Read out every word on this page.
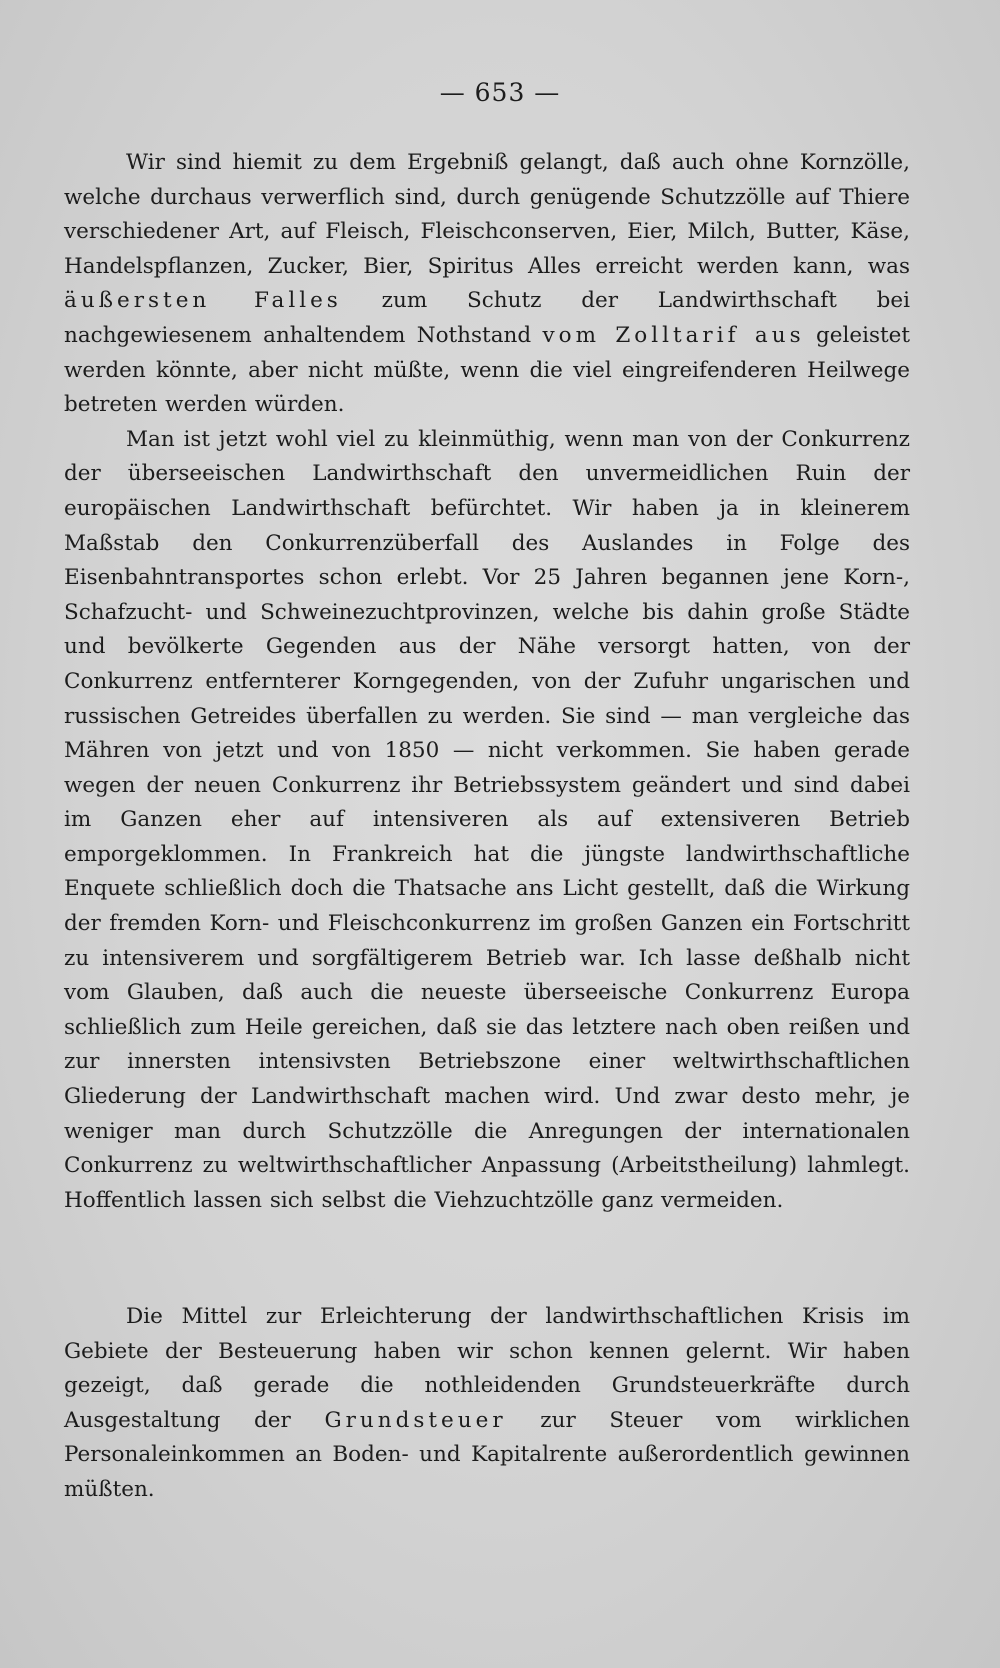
— 653 —

Wir sind hiemit zu dem Ergebniß gelangt, daß auch ohne Kornzölle, welche durchaus verwerflich sind, durch genügende Schutzzölle auf Thiere verschiedener Art, auf Fleisch, Fleischconserven, Eier, Milch, Butter, Käse, Handelspflanzen, Zucker, Bier, Spiritus Alles erreicht werden kann, was äußersten Falles zum Schutz der Landwirthschaft bei nachgewiesenem anhaltendem Nothstand vom Zolltarif aus geleistet werden könnte, aber nicht müßte, wenn die viel eingreifenderen Heilwege betreten werden würden.

Man ist jetzt wohl viel zu kleinmüthig, wenn man von der Conkurrenz der überseeischen Landwirthschaft den unvermeidlichen Ruin der europäischen Landwirthschaft befürchtet. Wir haben ja in kleinerem Maßstab den Conkurrenzüberfall des Auslandes in Folge des Eisenbahntransportes schon erlebt. Vor 25 Jahren begannen jene Korn-, Schafzucht- und Schweinezuchtprovinzen, welche bis dahin große Städte und bevölkerte Gegenden aus der Nähe versorgt hatten, von der Conkurrenz entfernterer Korngegenden, von der Zufuhr ungarischen und russischen Getreides überfallen zu werden. Sie sind — man vergleiche das Mähren von jetzt und von 1850 — nicht verkommen. Sie haben gerade wegen der neuen Conkurrenz ihr Betriebssystem geändert und sind dabei im Ganzen eher auf intensiveren als auf extensiveren Betrieb emporgeklommen. In Frankreich hat die jüngste landwirthschaftliche Enquete schließlich doch die Thatsache ans Licht gestellt, daß die Wirkung der fremden Korn- und Fleischconkurrenz im großen Ganzen ein Fortschritt zu intensiverem und sorgfältigerem Betrieb war. Ich lasse deßhalb nicht vom Glauben, daß auch die neueste überseeische Conkurrenz Europa schließlich zum Heile gereichen, daß sie das letztere nach oben reißen und zur innersten intensivsten Betriebszone einer weltwirthschaftlichen Gliederung der Landwirthschaft machen wird. Und zwar desto mehr, je weniger man durch Schutzzölle die Anregungen der internationalen Conkurrenz zu weltwirthschaftlicher Anpassung (Arbeitstheilung) lahmlegt. Hoffentlich lassen sich selbst die Viehzuchtzölle ganz vermeiden.

Die Mittel zur Erleichterung der landwirthschaftlichen Krisis im Gebiete der Besteuerung haben wir schon kennen gelernt. Wir haben gezeigt, daß gerade die nothleidenden Grundsteuerkräfte durch Ausgestaltung der Grundsteuer zur Steuer vom wirklichen Personaleinkommen an Boden- und Kapitalrente außerordentlich gewinnen müßten.
